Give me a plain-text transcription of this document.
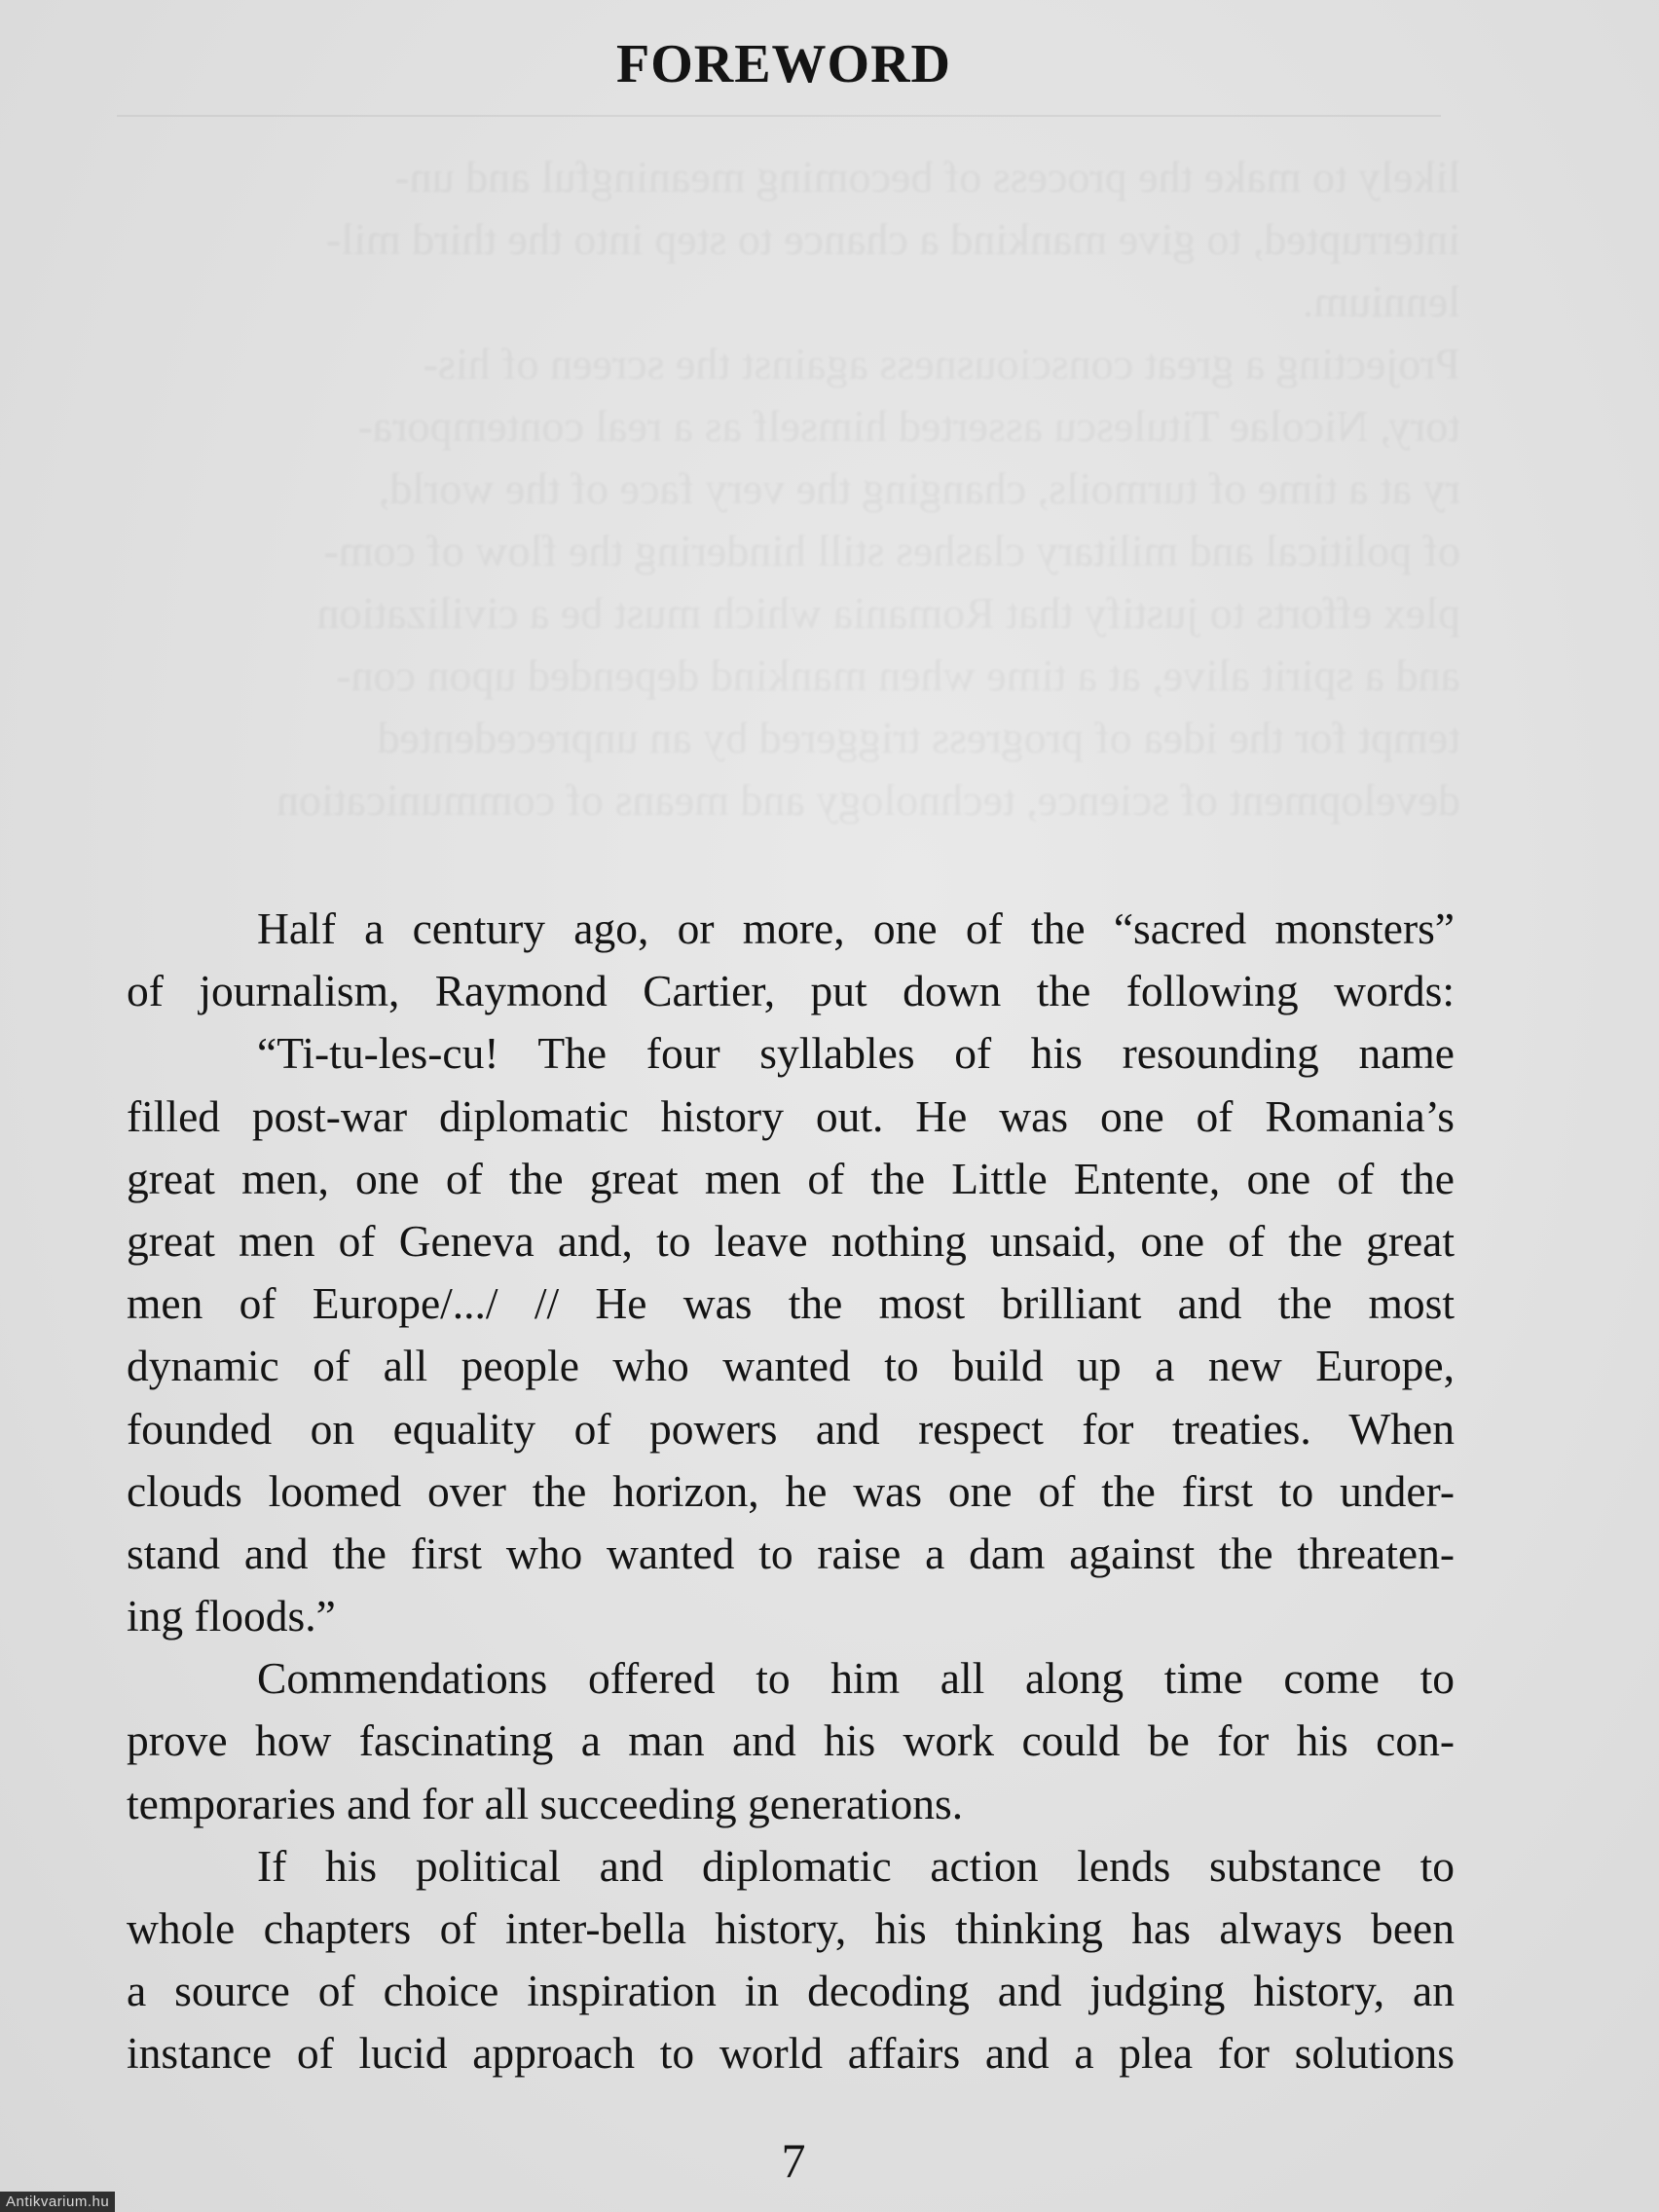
FOREWORD
Half a century ago, or more, one of the “sacred monsters”
of journalism, Raymond Cartier, put down the following words:
“Ti-tu-les-cu! The four syllables of his resounding name
filled post-war diplomatic history out. He was one of Romania’s
great men, one of the great men of the Little Entente, one of the
great men of Geneva and, to leave nothing unsaid, one of the great
men of Europe/.../ // He was the most brilliant and the most
dynamic of all people who wanted to build up a new Europe,
founded on equality of powers and respect for treaties. When
clouds loomed over the horizon, he was one of the first to under-
stand and the first who wanted to raise a dam against the threaten-
ing floods.”
Commendations offered to him all along time come to
prove how fascinating a man and his work could be for his con-
temporaries and for all succeeding generations.
If his political and diplomatic action lends substance to
whole chapters of inter-bella history, his thinking has always been
a source of choice inspiration in decoding and judging history, an
instance of lucid approach to world affairs and a plea for solutions
7
Antikvarium.hu
